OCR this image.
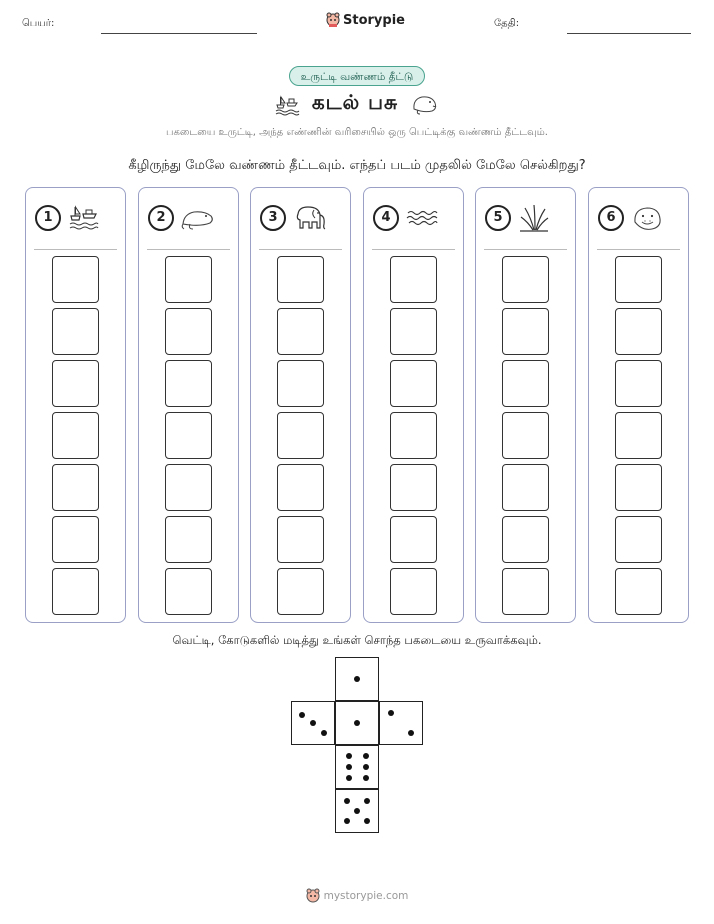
பெயர்:	Storypie	தேதி:
உருட்டி வண்ணம் தீட்டு
கடல் பசு
பகடையை உருட்டி, அந்த எண்ணின் வரிசையில் ஒரு பெட்டிக்கு வண்ணம் தீட்டவும்.
கீழிருந்து மேலே வண்ணம் தீட்டவும். எந்தப் படம் முதலில் மேலே செல்கிறது?
1	2	3	4	5	6
வெட்டி, கோடுகளில் மடித்து உங்கள் சொந்த பகடையை உருவாக்கவும்.
mystorypie.com
